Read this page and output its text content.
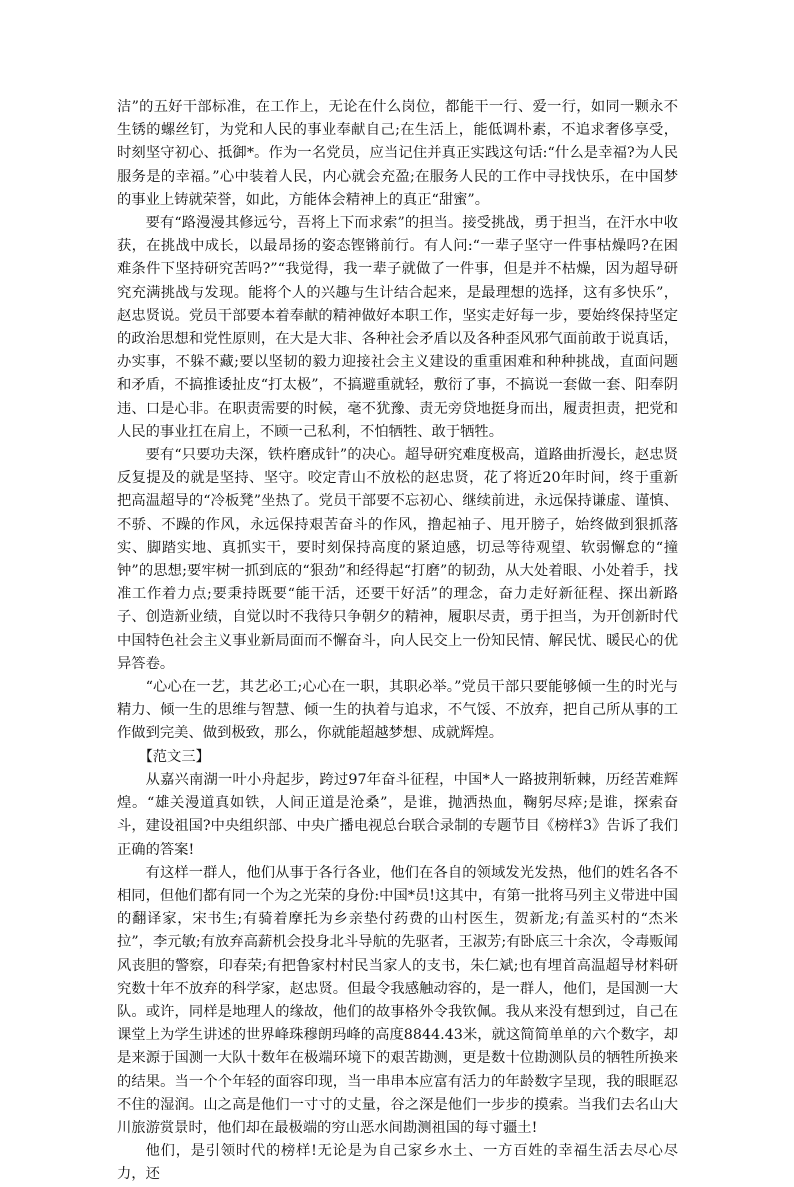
洁”的五好干部标准，在工作上，无论在什么岗位，都能干一行、爱一行，如同一颗永不生锈的螺丝钉，为党和人民的事业奉献自己;在生活上，能低调朴素，不追求奢侈享受，时刻坚守初心、抵御*。作为一名党员，应当记住并真正实践这句话:“什么是幸福?为人民服务是的幸福。”心中装着人民，内心就会充盈;在服务人民的工作中寻找快乐，在中国梦的事业上铸就荣誉，如此，方能体会精神上的真正“甜蜜”。

要有“路漫漫其修远兮，吾将上下而求索”的担当。接受挑战，勇于担当，在汗水中收获，在挑战中成长，以最昂扬的姿态铿锵前行。有人问:“一辈子坚守一件事枯燥吗?在困难条件下坚持研究苦吗?”“我觉得，我一辈子就做了一件事，但是并不枯燥，因为超导研究充满挑战与发现。能将个人的兴趣与生计结合起来，是最理想的选择，这有多快乐”，赵忠贤说。党员干部要本着奉献的精神做好本职工作，坚实走好每一步，要始终保持坚定的政治思想和党性原则，在大是大非、各种社会矛盾以及各种歪风邪气面前敢于说真话，办实事，不躲不藏;要以坚韧的毅力迎接社会主义建设的重重困难和种种挑战，直面问题和矛盾，不搞推诿扯皮“打太极”，不搞避重就轻，敷衍了事，不搞说一套做一套、阳奉阴违、口是心非。在职责需要的时候，毫不犹豫、责无旁贷地挺身而出，履责担责，把党和人民的事业扛在肩上，不顾一己私利，不怕牺牲、敢于牺牲。

要有“只要功夫深，铁杵磨成针”的决心。超导研究难度极高，道路曲折漫长，赵忠贤反复提及的就是坚持、坚守。咬定青山不放松的赵忠贤，花了将近20年时间，终于重新把高温超导的“冷板凳”坐热了。党员干部要不忘初心、继续前进，永远保持谦虚、谨慎、不骄、不躁的作风，永远保持艰苦奋斗的作风，撸起袖子、甩开膀子，始终做到狠抓落实、脚踏实地、真抓实干，要时刻保持高度的紧迫感，切忌等待观望、软弱懈怠的“撞钟”的思想;要牢树一抓到底的“狠劲”和经得起“打磨”的韧劲，从大处着眼、小处着手，找准工作着力点;要秉持既要“能干活，还要干好活”的理念，奋力走好新征程、探出新路子、创造新业绩，自觉以时不我待只争朝夕的精神，履职尽责，勇于担当，为开创新时代中国特色社会主义事业新局面而不懈奋斗，向人民交上一份知民情、解民忧、暖民心的优异答卷。

“心心在一艺，其艺必工;心心在一职，其职必举。”党员干部只要能够倾一生的时光与精力、倾一生的思维与智慧、倾一生的执着与追求，不气馁、不放弃，把自己所从事的工作做到完美、做到极致，那么，你就能超越梦想、成就辉煌。

【范文三】

从嘉兴南湖一叶小舟起步，跨过97年奋斗征程，中国*人一路披荆斩棘，历经苦难辉煌。“雄关漫道真如铁，人间正道是沧桑”，是谁，抛洒热血，鞠躬尽瘁;是谁，探索奋斗，建设祖国?中央组织部、中央广播电视总台联合录制的专题节目《榜样3》告诉了我们正确的答案!

有这样一群人，他们从事于各行各业，他们在各自的领域发光发热，他们的姓名各不相同，但他们都有同一个为之光荣的身份:中国*员!这其中，有第一批将马列主义带进中国的翻译家，宋书生;有骑着摩托为乡亲垫付药费的山村医生，贺新龙;有盖买村的“杰米拉”，李元敏;有放弃高薪机会投身北斗导航的先驱者，王淑芳;有卧底三十余次，令毒贩闻风丧胆的警察，印春荣;有把鲁家村村民当家人的支书，朱仁斌;也有埋首高温超导材料研究数十年不放弃的科学家，赵忠贤。但最令我感触动容的，是一群人，他们，是国测一大队。或许，同样是地理人的缘故，他们的故事格外令我钦佩。我从来没有想到过，自己在课堂上为学生讲述的世界峰珠穆朗玛峰的高度8844.43米，就这简简单单的六个数字，却是来源于国测一大队十数年在极端环境下的艰苦勘测，更是数十位勘测队员的牺牲所换来的结果。当一个个年轻的面容印现，当一串串本应富有活力的年龄数字呈现，我的眼眶忍不住的湿润。山之高是他们一寸寸的丈量，谷之深是他们一步步的摸索。当我们去名山大川旅游赏景时，他们却在最极端的穷山恶水间勘测祖国的每寸疆土!

他们，是引领时代的榜样!无论是为自己家乡水土、一方百姓的幸福生活去尽心尽力，还
